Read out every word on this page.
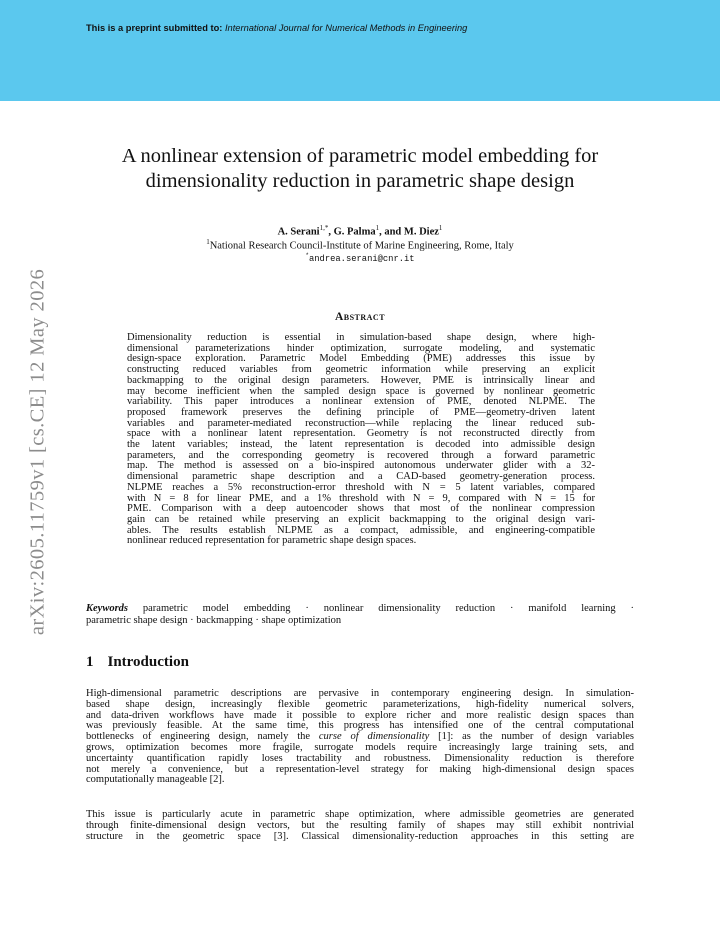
This is a preprint submitted to: International Journal for Numerical Methods in Engineering
arXiv:2605.11759v1 [cs.CE] 12 May 2026
A nonlinear extension of parametric model embedding for
dimensionality reduction in parametric shape design
A. Serani$^{1,*}$, G. Palma$^1$, and M. Diez$^1$
$^1$National Research Council-Institute of Marine Engineering, Rome, Italy
*andrea.serani@cnr.it
Abstract
Dimensionality reduction is essential in simulation-based shape design, where high-
dimensional parameterizations hinder optimization, surrogate modeling, and systematic
design-space exploration. Parametric Model Embedding (PME) addresses this issue by
constructing reduced variables from geometric information while preserving an explicit
backmapping to the original design parameters. However, PME is intrinsically linear and
may become inefficient when the sampled design space is governed by nonlinear geometric
variability. This paper introduces a nonlinear extension of PME, denoted NLPME. The
proposed framework preserves the defining principle of PME—geometry-driven latent
variables and parameter-mediated reconstruction—while replacing the linear reduced sub-
space with a nonlinear latent representation. Geometry is not reconstructed directly from
the latent variables; instead, the latent representation is decoded into admissible design
parameters, and the corresponding geometry is recovered through a forward parametric
map. The method is assessed on a bio-inspired autonomous underwater glider with a 32-
dimensional parametric shape description and a CAD-based geometry-generation process.
NLPME reaches a 5% reconstruction-error threshold with N = 5 latent variables, compared
with N = 8 for linear PME, and a 1% threshold with N = 9, compared with N = 15 for
PME. Comparison with a deep autoencoder shows that most of the nonlinear compression
gain can be retained while preserving an explicit backmapping to the original design vari-
ables. The results establish NLPME as a compact, admissible, and engineering-compatible
nonlinear reduced representation for parametric shape design spaces.
Keywords parametric model embedding · nonlinear dimensionality reduction · manifold learning ·
parametric shape design · backmapping · shape optimization
1 Introduction
High-dimensional parametric descriptions are pervasive in contemporary engineering design. In simulation-
based shape design, increasingly flexible geometric parameterizations, high-fidelity numerical solvers,
and data-driven workflows have made it possible to explore richer and more realistic design spaces than
was previously feasible. At the same time, this progress has intensified one of the central computational
bottlenecks of engineering design, namely the curse of dimensionality [1]: as the number of design variables
grows, optimization becomes more fragile, surrogate models require increasingly large training sets, and
uncertainty quantification rapidly loses tractability and robustness. Dimensionality reduction is therefore
not merely a convenience, but a representation-level strategy for making high-dimensional design spaces
computationally manageable [2].
This issue is particularly acute in parametric shape optimization, where admissible geometries are generated
through finite-dimensional design vectors, but the resulting family of shapes may still exhibit nontrivial
structure in the geometric space [3]. Classical dimensionality-reduction approaches in this setting are
